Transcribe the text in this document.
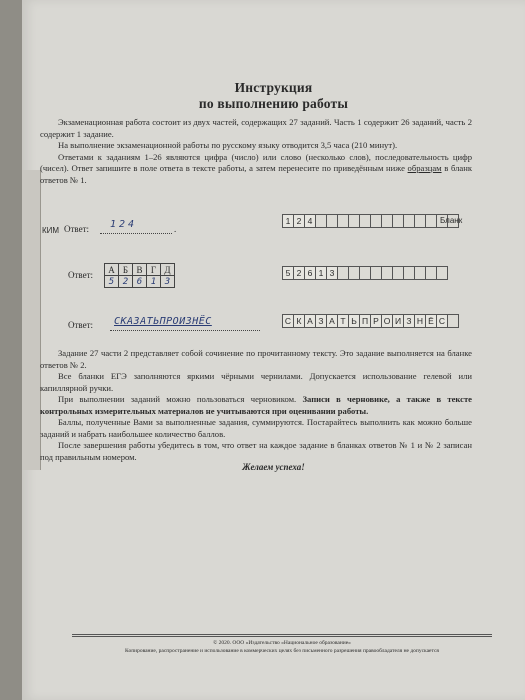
Инструкция
по выполнению работы

Экзаменационная работа состоит из двух частей, содержащих 27 заданий. Часть 1 содержит 26 заданий, часть 2 содержит 1 задание.

На выполнение экзаменационной работы по русскому языку отводится 3,5 часа (210 минут).

Ответами к заданиям 1–26 являются цифра (число) или слово (несколько слов), последовательность цифр (чисел). Ответ запишите в поле ответа в тексте работы, а затем перенесите по приведённым ниже образцам в бланк ответов № 1.

КИМ Ответ: 124	.
1 2 4	Бланк
Ответ:
А	Б	В	Г	Д
5	2	6	1	3
5 2 6 1 3
Ответ: СКАЗАТЬПРОИЗНЁС	С К А З А Т Ь П Р О И З Н Ё С

Задание 27 части 2 представляет собой сочинение по прочитанному тексту. Это задание выполняется на бланке ответов № 2.

Все бланки ЕГЭ заполняются яркими чёрными чернилами. Допускается использование гелевой или капиллярной ручки.

При выполнении заданий можно пользоваться черновиком. Записи в черновике, а также в тексте контрольных измерительных материалов не учитываются при оценивании работы.

Баллы, полученные Вами за выполненные задания, суммируются. Постарайтесь выполнить как можно больше заданий и набрать наибольшее количество баллов.

После завершения работы убедитесь в том, что ответ на каждое задание в бланках ответов № 1 и № 2 записан под правильным номером.

Желаем успеха!
© 2020. ООО «Издательство «Национальное образование»
Копирование, распространение и использование в коммерческих целях без письменного разрешения правообладателя не допускается
